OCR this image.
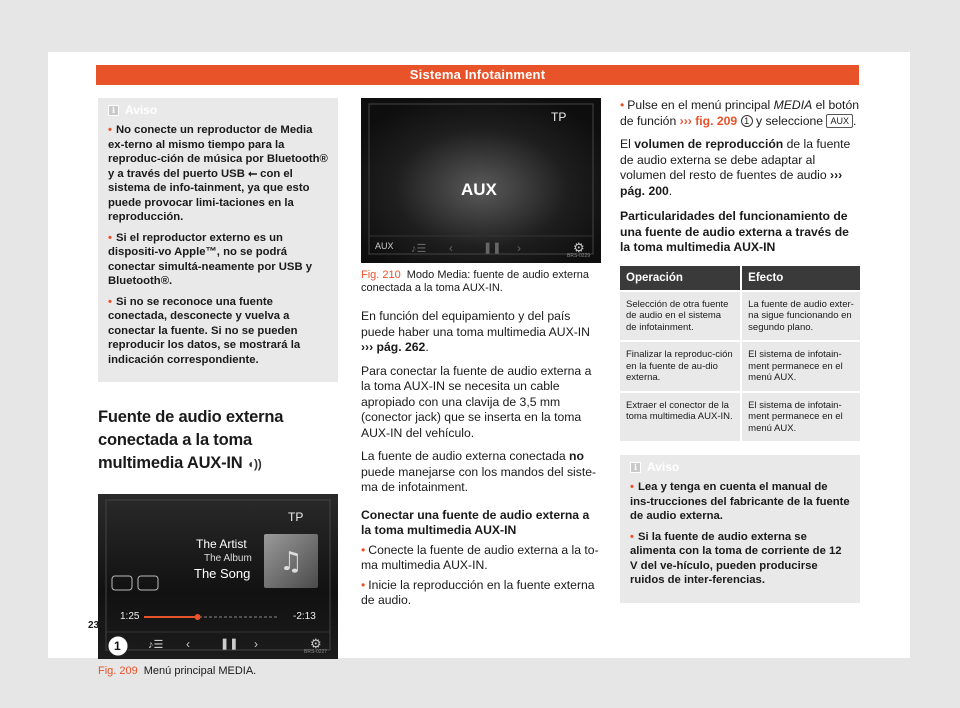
Sistema Infotainment
i Aviso
• No conecte un reproductor de Media ex-terno al mismo tiempo para la reproduc-ción de música por Bluetooth® y a través del puerto USB ⭠ con el sistema de info-tainment, ya que esto puede provocar limi-taciones en la reproducción.
• Si el reproductor externo es un dispositi-vo Apple™, no se podrá conectar simultá-neamente por USB y Bluetooth®.
• Si no se reconoce una fuente conectada, desconecte y vuelva a conectar la fuente. Si no se pueden reproducir los datos, se mostrará la indicación correspondiente.
Fuente de audio externa conectada a la toma multimedia AUX-IN ◖))
♫
TP
The Artist
The Album
The Song
1:25	-2:13
1 ♪☰ ‹	❚❚ ›	⚙
BRS-0227
Fig. 209 Menú principal MEDIA.
TP
AUX
AUX ♪☰ ‹	❚❚ ›	⚙
BRS-0229
Fig. 210 Modo Media: fuente de audio externa conectada a la toma AUX-IN.

En función del equipamiento y del país puede haber una toma multimedia AUX-IN
››› pág. 262.

Para conectar la fuente de audio externa a la toma AUX-IN se necesita un cable apropiado con una clavija de 3,5 mm (conector jack) que se inserta en la toma AUX-IN del vehículo.

La fuente de audio externa conectada no puede manejarse con los mandos del siste-ma de infotainment.

Conectar una fuente de audio externa a la toma multimedia AUX-IN

• Conecte la fuente de audio externa a la to-ma multimedia AUX-IN.

• Inicie la reproducción en la fuente externa de audio.

• Pulse en el menú principal MEDIA el botón de función ››› fig. 209 1 y seleccione AUX .

El volumen de reproducción de la fuente de audio externa se debe adaptar al volumen del resto de fuentes de audio ››› pág. 200.

Particularidades del funcionamiento de una fuente de audio externa a través de la toma multimedia AUX-IN

Operación	Efecto
Selección de otra fuente de audio en el sistema de infotainment.	La fuente de audio exter-na sigue funcionando en segundo plano.
Finalizar la reproduc-ción en la fuente de au-dio externa.	El sistema de infotain-ment permanece en el menú AUX.
Extraer el conector de la toma multimedia AUX-IN.	El sistema de infotain-ment permanece en el menú AUX.
i Aviso
• Lea y tenga en cuenta el manual de ins-trucciones del fabricante de la fuente de audio externa.
• Si la fuente de audio externa se alimenta con la toma de corriente de 12 V del ve-hículo, pueden producirse ruidos de inter-ferencias.
232
